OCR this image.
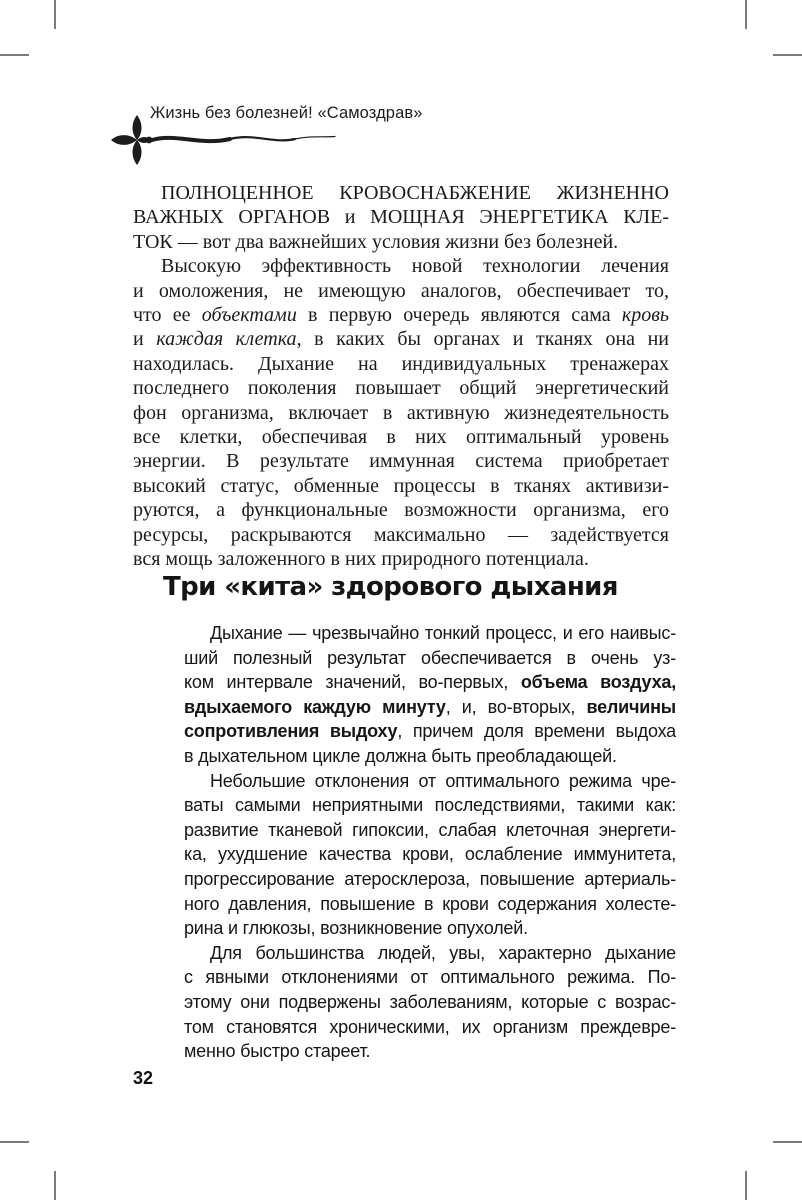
Жизнь без болезней! «Самоздрав»
ПОЛНОЦЕННОЕ КРОВОСНАБЖЕНИЕ ЖИЗНЕННО
ВАЖНЫХ ОРГАНОВ и МОЩНАЯ ЭНЕРГЕТИКА КЛЕ-
ТОК — вот два важнейших условия жизни без болезней.
Высокую эффективность новой технологии лечения
и омоложения, не имеющую аналогов, обеспечивает то,
что ее объектами в первую очередь являются сама кровь
и каждая клетка, в каких бы органах и тканях она ни
находилась. Дыхание на индивидуальных тренажерах
последнего поколения повышает общий энергетический
фон организма, включает в активную жизнедеятельность
все клетки, обеспечивая в них оптимальный уровень
энергии. В результате иммунная система приобретает
высокий статус, обменные процессы в тканях активизи-
руются, а функциональные возможности организма, его
ресурсы, раскрываются максимально — задействуется
вся мощь заложенного в них природного потенциала.
Три «кита» здорового дыхания
Дыхание — чрезвычайно тонкий процесс, и его наивыс-
ший полезный результат обеспечивается в очень уз-
ком интервале значений, во-первых, объема воздуха,
вдыхаемого каждую минуту, и, во-вторых, величины
сопротивления выдоху, причем доля времени выдоха
в дыхательном цикле должна быть преобладающей.
Небольшие отклонения от оптимального режима чре-
ваты самыми неприятными последствиями, такими как:
развитие тканевой гипоксии, слабая клеточная энергети-
ка, ухудшение качества крови, ослабление иммунитета,
прогрессирование атеросклероза, повышение артериаль-
ного давления, повышение в крови содержания холесте-
рина и глюкозы, возникновение опухолей.
Для большинства людей, увы, характерно дыхание
с явными отклонениями от оптимального режима. По-
этому они подвержены заболеваниям, которые с возрас-
том становятся хроническими, их организм преждевре-
менно быстро стареет.
32
